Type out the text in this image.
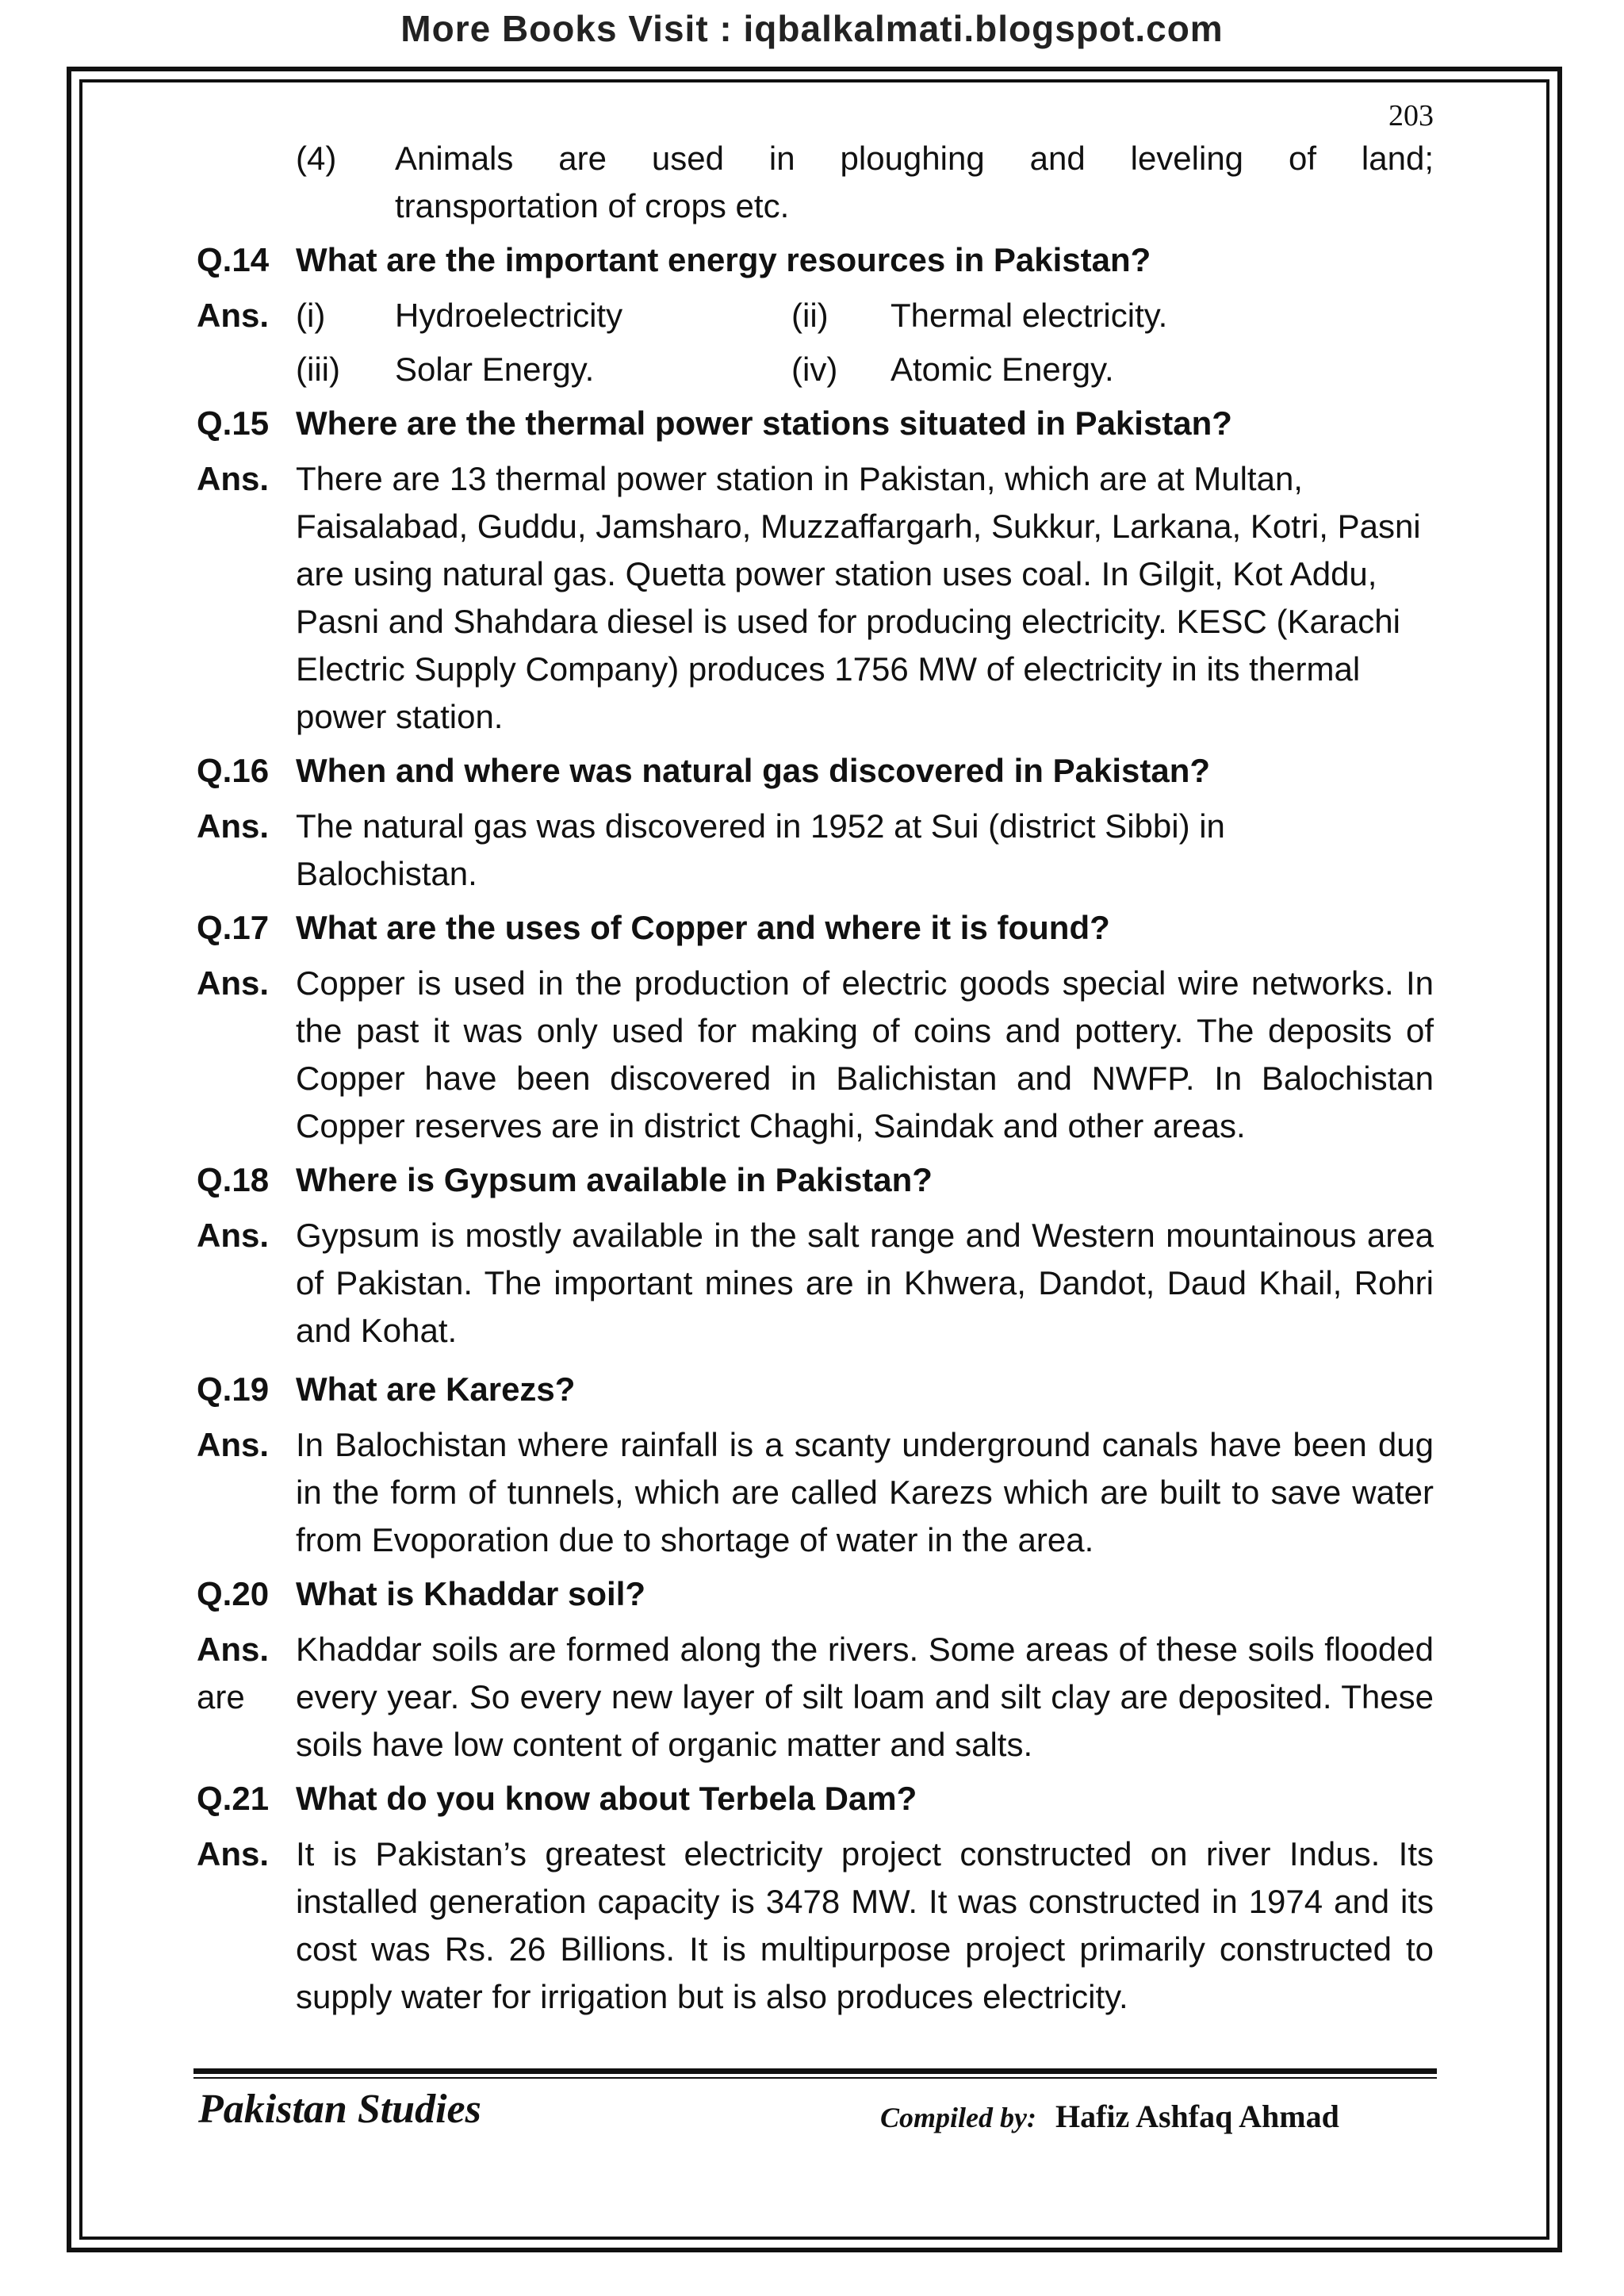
More Books Visit : iqbalkalmati.blogspot.com
203
(4)	Animals are used in ploughing and leveling of land;
transportation of crops etc.
Q.14 What are the important energy resources in Pakistan?
Ans. (i)	Hydroelectricity	(ii)	Thermal electricity.
(iii)	Solar Energy.	(iv)	Atomic Energy.
Q.15 Where are the thermal power stations situated in Pakistan?
Ans. There are 13 thermal power station in Pakistan, which are at Multan, Faisalabad, Guddu, Jamsharo, Muzzaffargarh, Sukkur, Larkana, Kotri, Pasni are using natural gas. Quetta power station uses coal. In Gilgit, Kot Addu, Pasni and Shahdara diesel is used for producing electricity. KESC (Karachi Electric Supply Company) produces 1756 MW of electricity in its thermal power station.
Q.16 When and where was natural gas discovered in Pakistan?
Ans. The natural gas was discovered in 1952 at Sui (district Sibbi) in Balochistan.
Q.17 What are the uses of Copper and where it is found?
Ans. Copper is used in the production of electric goods special wire networks. In the past it was only used for making of coins and pottery. The deposits of Copper have been discovered in Balichistan and NWFP. In Balochistan Copper reserves are in district Chaghi, Saindak and other areas.
Q.18 Where is Gypsum available in Pakistan?
Ans. Gypsum is mostly available in the salt range and Western mountainous area of Pakistan. The important mines are in Khwera, Dandot, Daud Khail, Rohri and Kohat.
Q.19 What are Karezs?
Ans. In Balochistan where rainfall is a scanty underground canals have been dug in the form of tunnels, which are called Karezs which are built to save water from Evoporation due to shortage of water in the area.
Q.20 What is Khaddar soil?
Ans.
are
Khaddar soils are formed along the rivers. Some areas of these soils flooded every year. So every new layer of silt loam and silt clay are deposited. These soils have low content of organic matter and salts.
Q.21 What do you know about Terbela Dam?
Ans. It is Pakistan’s greatest electricity project constructed on river Indus. Its installed generation capacity is 3478 MW. It was constructed in 1974 and its cost was Rs. 26 Billions. It is multipurpose project primarily constructed to supply water for irrigation but is also produces electricity.
Pakistan Studies	Compiled by: Hafiz Ashfaq Ahmad
